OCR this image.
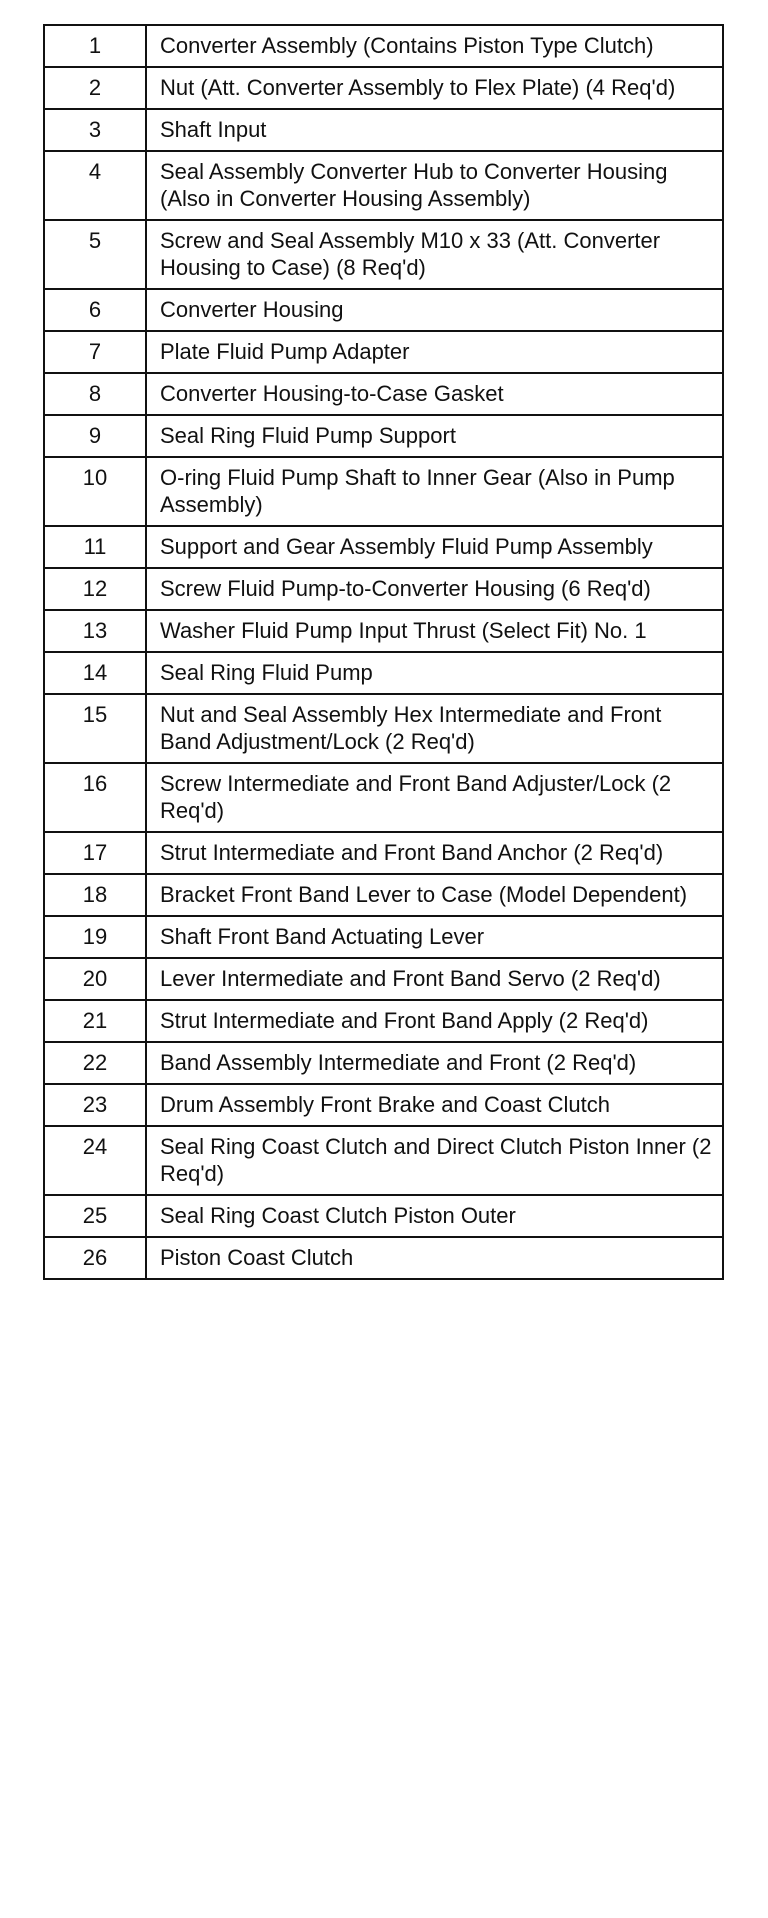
1	Converter Assembly (Contains Piston Type Clutch)
2	Nut (Att. Converter Assembly to Flex Plate) (4 Req'd)
3	Shaft Input
4	Seal Assembly Converter Hub to Converter Housing (Also in Converter Housing Assembly)
5	Screw and Seal Assembly M10 x 33 (Att. Converter Housing to Case) (8 Req'd)
6	Converter Housing
7	Plate Fluid Pump Adapter
8	Converter Housing-to-Case Gasket
9	Seal Ring Fluid Pump Support
10	O-ring Fluid Pump Shaft to Inner Gear (Also in Pump Assembly)
11	Support and Gear Assembly Fluid Pump Assembly
12	Screw Fluid Pump-to-Converter Housing (6 Req'd)
13	Washer Fluid Pump Input Thrust (Select Fit) No. 1
14	Seal Ring Fluid Pump
15	Nut and Seal Assembly Hex Intermediate and Front Band Adjustment/Lock (2 Req'd)
16	Screw Intermediate and Front Band Adjuster/Lock (2 Req'd)
17	Strut Intermediate and Front Band Anchor (2 Req'd)
18	Bracket Front Band Lever to Case (Model Dependent)
19	Shaft Front Band Actuating Lever
20	Lever Intermediate and Front Band Servo (2 Req'd)
21	Strut Intermediate and Front Band Apply (2 Req'd)
22	Band Assembly Intermediate and Front (2 Req'd)
23	Drum Assembly Front Brake and Coast Clutch
24	Seal Ring Coast Clutch and Direct Clutch Piston Inner (2 Req'd)
25	Seal Ring Coast Clutch Piston Outer
26	Piston Coast Clutch
